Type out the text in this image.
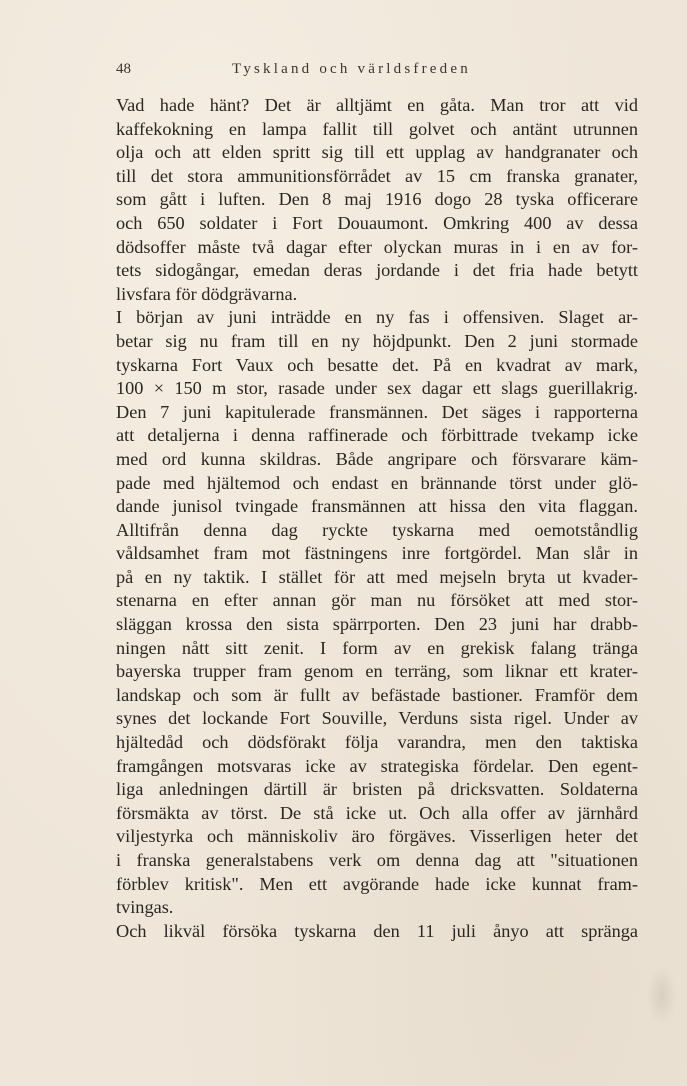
48	Tyskland och världsfreden
Vad hade hänt? Det är alltjämt en gåta. Man tror att vid
kaffekokning en lampa fallit till golvet och antänt utrunnen
olja och att elden spritt sig till ett upplag av handgranater och
till det stora ammunitionsförrådet av 15 cm franska granater,
som gått i luften. Den 8 maj 1916 dogo 28 tyska officerare
och 650 soldater i Fort Douaumont. Omkring 400 av dessa
dödsoffer måste två dagar efter olyckan muras in i en av for-
tets sidogångar, emedan deras jordande i det fria hade betytt
livsfara för dödgrävarna.
I början av juni inträdde en ny fas i offensiven. Slaget ar-
betar sig nu fram till en ny höjdpunkt. Den 2 juni stormade
tyskarna Fort Vaux och besatte det. På en kvadrat av mark,
100 × 150 m stor, rasade under sex dagar ett slags guerillakrig.
Den 7 juni kapitulerade fransmännen. Det säges i rapporterna
att detaljerna i denna raffinerade och förbittrade tvekamp icke
med ord kunna skildras. Både angripare och försvarare käm-
pade med hjältemod och endast en brännande törst under glö-
dande junisol tvingade fransmännen att hissa den vita flaggan.
Alltifrån denna dag ryckte tyskarna med oemotståndlig
våldsamhet fram mot fästningens inre fortgördel. Man slår in
på en ny taktik. I stället för att med mejseln bryta ut kvader-
stenarna en efter annan gör man nu försöket att med stor-
släggan krossa den sista spärrporten. Den 23 juni har drabb-
ningen nått sitt zenit. I form av en grekisk falang tränga
bayerska trupper fram genom en terräng, som liknar ett krater-
landskap och som är fullt av befästade bastioner. Framför dem
synes det lockande Fort Souville, Verduns sista rigel. Under av
hjältedåd och dödsförakt följa varandra, men den taktiska
framgången motsvaras icke av strategiska fördelar. Den egent-
liga anledningen därtill är bristen på dricksvatten. Soldaterna
försmäkta av törst. De stå icke ut. Och alla offer av järnhård
viljestyrka och människoliv äro förgäves. Visserligen heter det
i franska generalstabens verk om denna dag att "situationen
förblev kritisk". Men ett avgörande hade icke kunnat fram-
tvingas.
Och likväl försöka tyskarna den 11 juli ånyo att spränga
